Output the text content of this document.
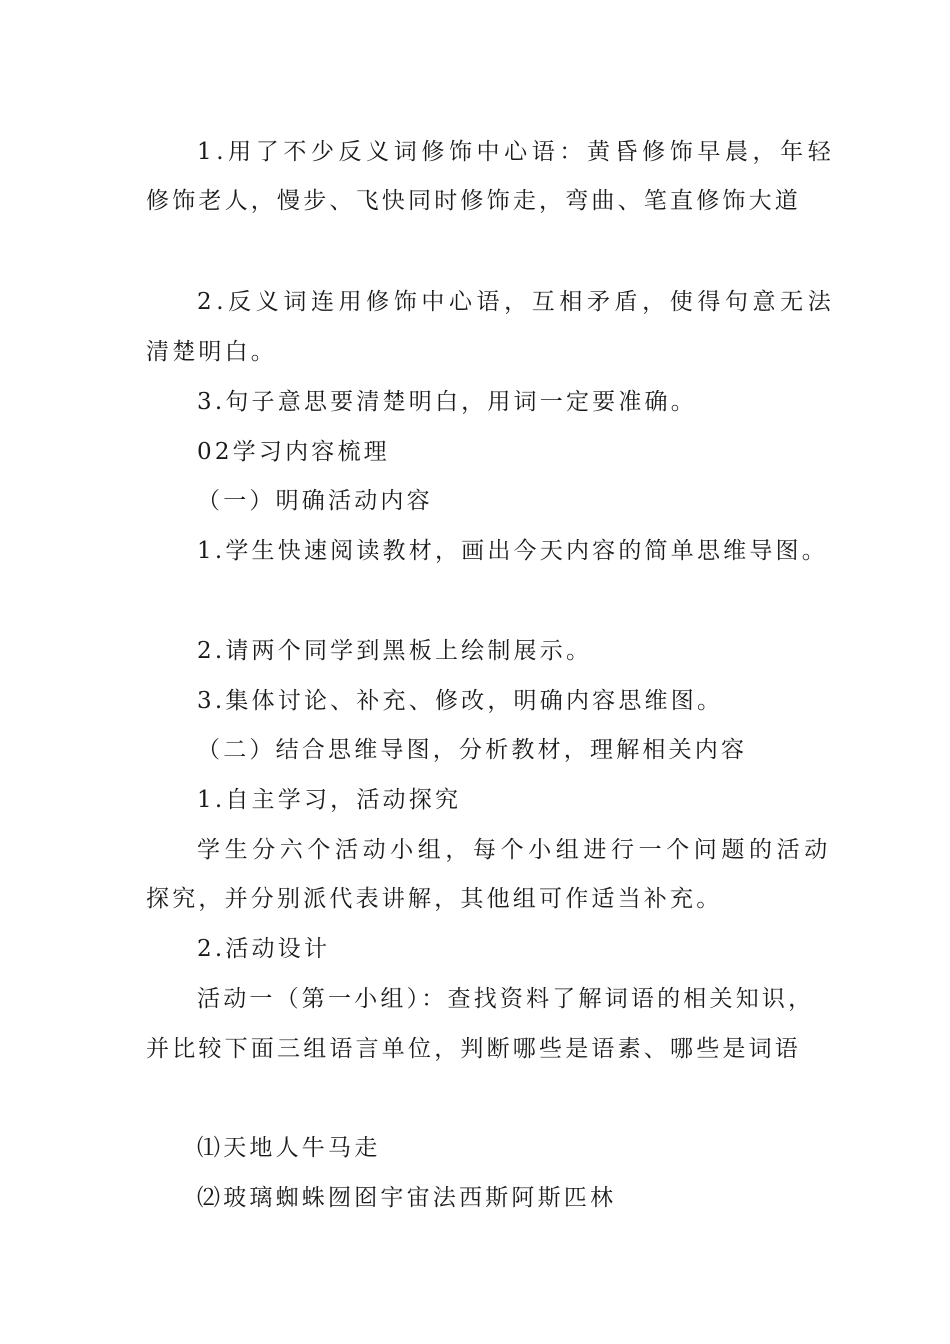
1.用了不少反义词修饰中心语：黄昏修饰早晨，年轻
修饰老人，慢步、飞快同时修饰走，弯曲、笔直修饰大道
2.反义词连用修饰中心语，互相矛盾，使得句意无法
清楚明白。
3.句子意思要清楚明白，用词一定要准确。
02学习内容梳理
（一）明确活动内容
1.学生快速阅读教材，画出今天内容的简单思维导图。
2.请两个同学到黑板上绘制展示。
3.集体讨论、补充、修改，明确内容思维图。
（二）结合思维导图，分析教材，理解相关内容
1.自主学习，活动探究
学生分六个活动小组，每个小组进行一个问题的活动
探究，并分别派代表讲解，其他组可作适当补充。
2.活动设计
活动一（第一小组）：查找资料了解词语的相关知识，
并比较下面三组语言单位，判断哪些是语素、哪些是词语
⑴天地人牛马走
⑵玻璃蜘蛛囫囵宇宙法西斯阿斯匹林
